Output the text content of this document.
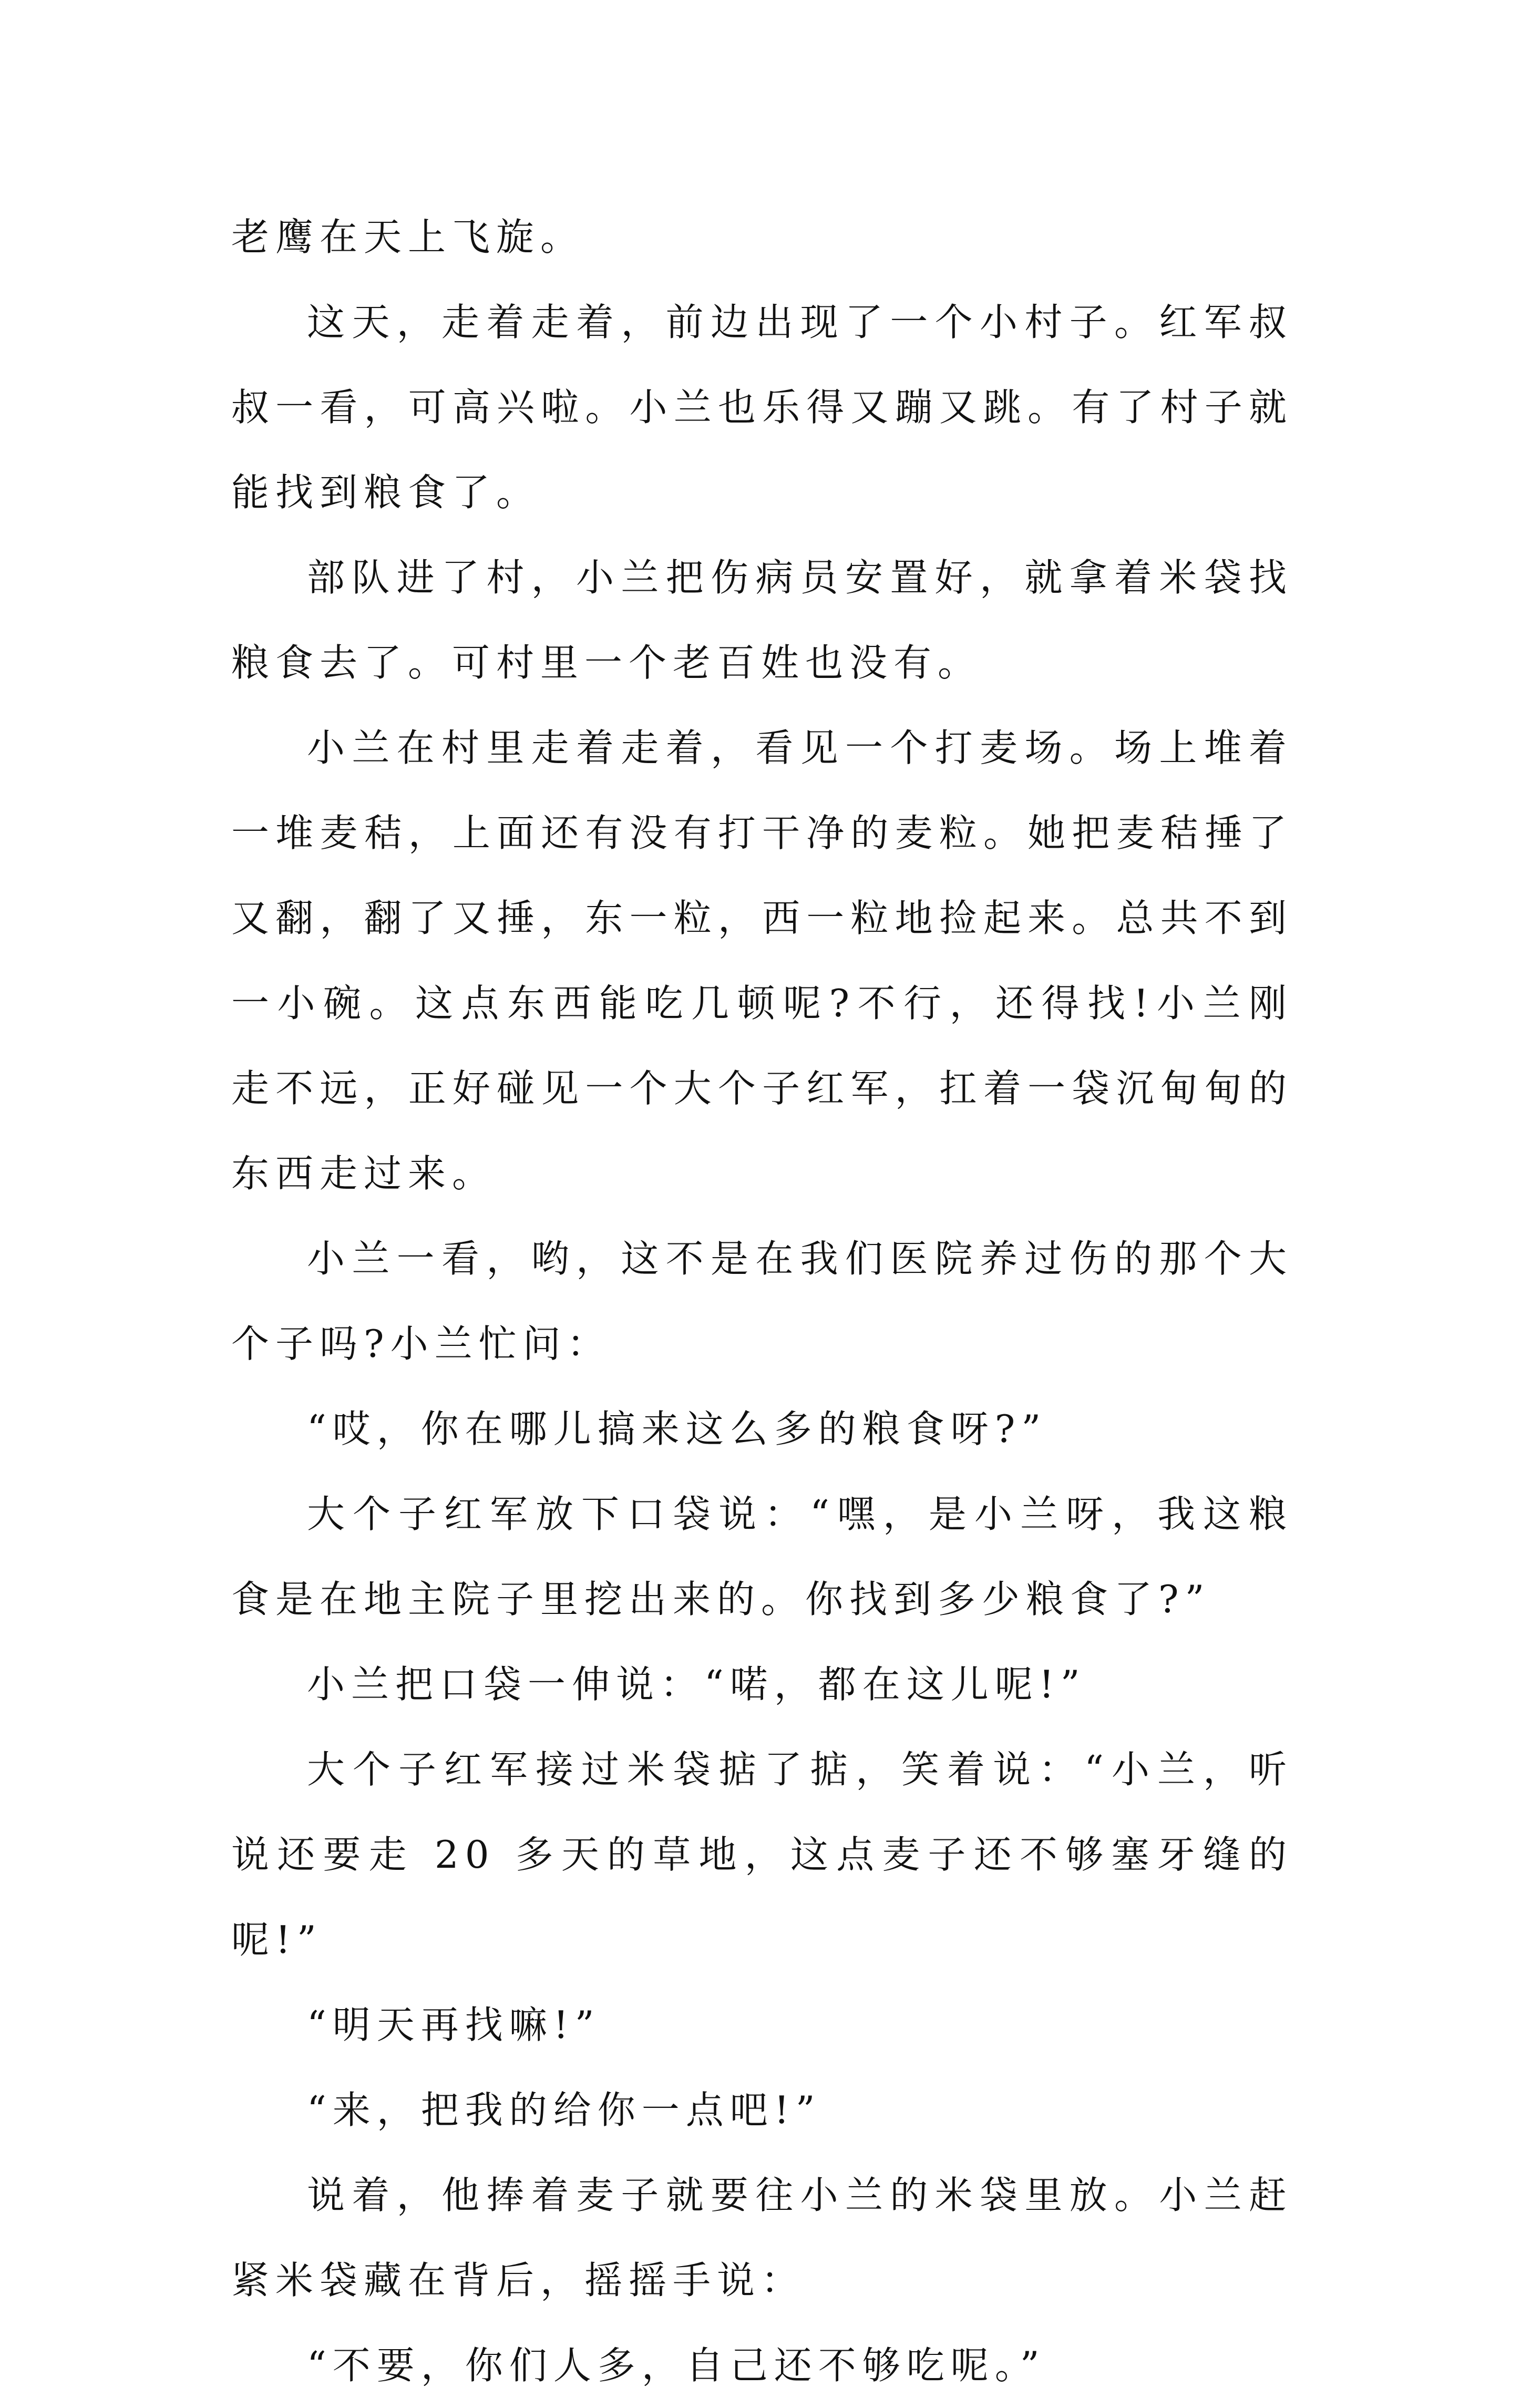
老鹰在天上飞旋。

这天，走着走着，前边出现了一个小村子。红军叔叔一看，可高兴啦。小兰也乐得又蹦又跳。有了村子就能找到粮食了。

部队进了村，小兰把伤病员安置好，就拿着米袋找粮食去了。可村里一个老百姓也没有。

小兰在村里走着走着，看见一个打麦场。场上堆着一堆麦秸，上面还有没有打干净的麦粒。她把麦秸捶了又翻，翻了又捶，东一粒，西一粒地捡起来。总共不到一小碗。这点东西能吃几顿呢?不行，还得找!小兰刚走不远，正好碰见一个大个子红军，扛着一袋沉甸甸的东西走过来。

小兰一看，哟，这不是在我们医院养过伤的那个大个子吗?小兰忙问：

“哎，你在哪儿搞来这么多的粮食呀?”

大个子红军放下口袋说：“嘿，是小兰呀，我这粮食是在地主院子里挖出来的。你找到多少粮食了?”

小兰把口袋一伸说：“喏，都在这儿呢!”

大个子红军接过米袋掂了掂，笑着说：“小兰，听说还要走 20 多天的草地，这点麦子还不够塞牙缝的呢!”

“明天再找嘛!”

“来，把我的给你一点吧!”

说着，他捧着麦子就要往小兰的米袋里放。小兰赶紧米袋藏在背后，摇摇手说：

“不要，你们人多，自己还不够吃呢。”
